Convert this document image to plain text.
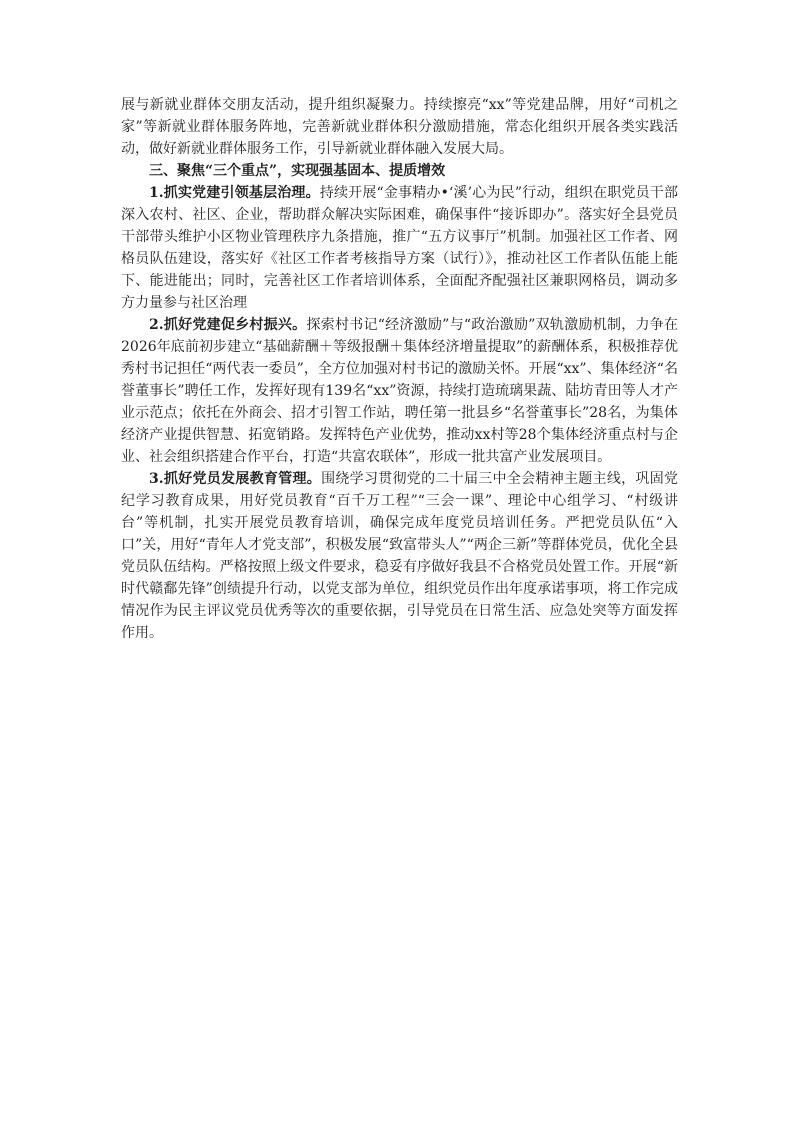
展与新就业群体交朋友活动，提升组织凝聚力。持续擦亮“xx”等党建品牌，用好“司机之家”等新就业群体服务阵地，完善新就业群体积分激励措施，常态化组织开展各类实践活动，做好新就业群体服务工作，引导新就业群体融入发展大局。

三、聚焦“三个重点”，实现强基固本、提质增效

1.抓实党建引领基层治理。持续开展“金事精办•‘溪’心为民”行动，组织在职党员干部深入农村、社区、企业，帮助群众解决实际困难，确保事件“接诉即办”。落实好全县党员干部带头维护小区物业管理秩序九条措施，推广“五方议事厅”机制。加强社区工作者、网格员队伍建设，落实好《社区工作者考核指导方案（试行）》，推动社区工作者队伍能上能下、能进能出；同时，完善社区工作者培训体系，全面配齐配强社区兼职网格员，调动多方力量参与社区治理

2.抓好党建促乡村振兴。探索村书记“经济激励”与“政治激励”双轨激励机制，力争在2026年底前初步建立“基础薪酬＋等级报酬＋集体经济增量提取”的薪酬体系，积极推荐优秀村书记担任“两代表一委员”，全方位加强对村书记的激励关怀。开展“xx”、集体经济“名誉董事长”聘任工作，发挥好现有139名“xx”资源，持续打造琉璃果蔬、陆坊青田等人才产业示范点；依托在外商会、招才引智工作站，聘任第一批县乡“名誉董事长”28名，为集体经济产业提供智慧、拓宽销路。发挥特色产业优势，推动xx村等28个集体经济重点村与企业、社会组织搭建合作平台，打造“共富农联体”，形成一批共富产业发展项目。

3.抓好党员发展教育管理。围绕学习贯彻党的二十届三中全会精神主题主线，巩固党纪学习教育成果，用好党员教育“百千万工程”“三会一课”、理论中心组学习、“村级讲台”等机制，扎实开展党员教育培训，确保完成年度党员培训任务。严把党员队伍“入口”关，用好“青年人才党支部”，积极发展“致富带头人”“两企三新”等群体党员，优化全县党员队伍结构。严格按照上级文件要求，稳妥有序做好我县不合格党员处置工作。开展“新时代赣鄱先锋”创绩提升行动，以党支部为单位，组织党员作出年度承诺事项，将工作完成情况作为民主评议党员优秀等次的重要依据，引导党员在日常生活、应急处突等方面发挥作用。
